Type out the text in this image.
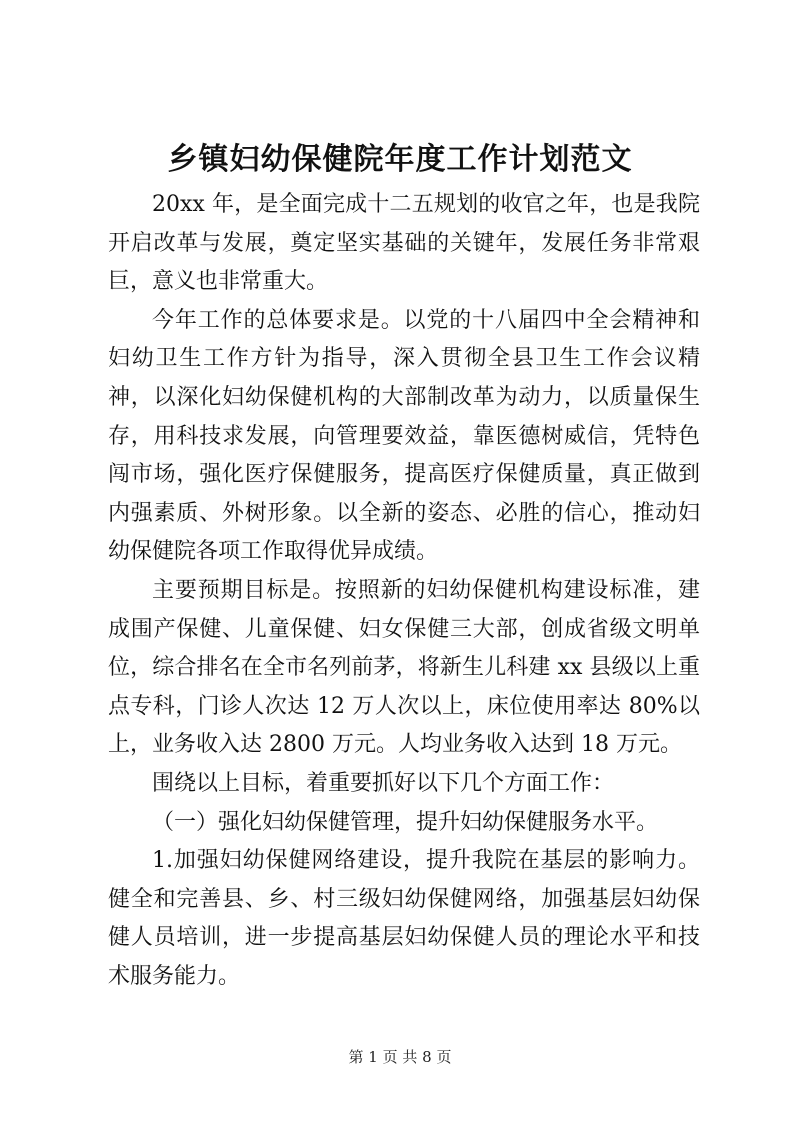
乡镇妇幼保健院年度工作计划范文

20xx 年，是全面完成十二五规划的收官之年，也是我院开启改革与发展，奠定坚实基础的关键年，发展任务非常艰巨，意义也非常重大。

今年工作的总体要求是。以党的十八届四中全会精神和妇幼卫生工作方针为指导，深入贯彻全县卫生工作会议精神，以深化妇幼保健机构的大部制改革为动力，以质量保生存，用科技求发展，向管理要效益，靠医德树威信，凭特色闯市场，强化医疗保健服务，提高医疗保健质量，真正做到内强素质、外树形象。以全新的姿态、必胜的信心，推动妇幼保健院各项工作取得优异成绩。

主要预期目标是。按照新的妇幼保健机构建设标准，建成围产保健、儿童保健、妇女保健三大部，创成省级文明单位，综合排名在全市名列前茅，将新生儿科建 xx 县级以上重点专科，门诊人次达 12 万人次以上，床位使用率达 80%以上，业务收入达 2800 万元。人均业务收入达到 18 万元。

围绕以上目标，着重要抓好以下几个方面工作：

（一）强化妇幼保健管理，提升妇幼保健服务水平。

1.加强妇幼保健网络建设，提升我院在基层的影响力。健全和完善县、乡、村三级妇幼保健网络，加强基层妇幼保健人员培训，进一步提高基层妇幼保健人员的理论水平和技术服务能力。

第 1 页 共 8 页
